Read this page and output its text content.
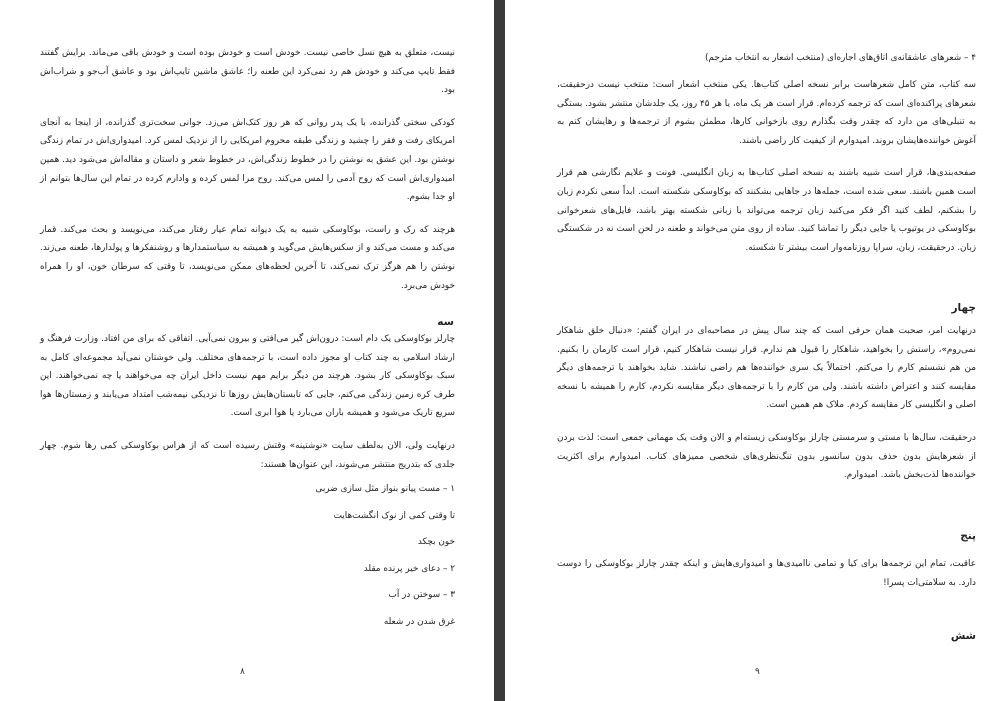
نیست، متعلق به هیچ نسل خاصی نیست. خودش است و خودش بوده است و خودش باقی می‌ماند. برایش گفتند فقط تایپ می‌کند و خودش هم رد نمی‌کرد این طعنه را؛ عاشق ماشین تایپ‌اش بود و عاشق آب‌جو و شراب‌اش بود.

کودکی سختی گذرانده، با یک پدر روانی که هر روز کتک‌اش می‌زد. جوانی سخت‌تری گذرانده، از اینجا به آنجای امریکای رفت و فقر را چشید و زندگی طبقه محروم امریکایی را از نزدیک لمس کرد. امیدواری‌اش در تمام زندگی نوشتن بود. این عشق به نوشتن را در خطوط زندگی‌اش، در خطوط شعر و داستان و مقاله‌اش می‌شود دید. همین امیدواری‌اش است که روح آدمی را لمس می‌کند. روح مرا لمس کرده و وادارم کرده در تمام این سال‌ها بتوانم از او جدا بشوم.

هرچند که رک و راست، بوکاوسکی شبیه به یک دیوانه تمام عیار رفتار می‌کند، می‌نویسد و بحث می‌کند. قمار می‌کند و مست می‌کند و از سکس‌هایش می‌گوید و همیشه به سیاستمدارها و روشنفکرها و پولدارها، طعنه می‌زند. نوشتن را هم هرگز ترک نمی‌کند، تا آخرین لحظه‌های ممکن می‌نویسد، تا وقتی که سرطان خون، او را همراه خودش می‌برد.

سه

چارلز بوکاوسکی یک دام است: درون‌اش گیر می‌افتی و بیرون نمی‌آیی. اتفاقی که برای من افتاد. وزارت فرهنگ و ارشاد اسلامی به چند کتاب او مجوز داده است، با ترجمه‌های مختلف. ولی خوشتان نمی‌آید مجموعه‌ای کامل به سبک بوکاوسکی کار بشود. هرچند من دیگر برایم مهم نیست داخل ایران چه می‌خواهند یا چه نمی‌خواهند. این طرف کره زمین زندگی می‌کنم، جایی که تابستان‌هایش روزها تا نزدیکی نیمه‌شب امتداد می‌یابند و زمستان‌ها هوا سریع تاریک می‌شود و همیشه باران می‌بارد یا هوا ابری است.

درنهایت ولی، الان به‌لطف سایت «نوشتینه» وقتش رسیده است که از هراس بوکاوسکی کمی رها شوم. چهار جلدی که بتدریج منتشر می‌شوند، این عنوان‌ها هستند:

۱ – مست پیانو بنواز مثل سازی ضربی
تا وقتی کمی از نوک انگشت‌هایت
خون بچکد
۲ – دعای خیر پرنده مقلد
۳ – سوختن در آب
غرق شدن در شعله
۸
۴ – شعرهای عاشقانه‌ی اتاق‌های اجاره‌ای (منتخب اشعار به انتخاب مترجم)

سه کتاب، متن کامل شعرهاست برابر نسخه اصلی کتاب‌ها. یکی منتخب اشعار است: منتخب نیست درحقیقت، شعرهای پراکنده‌ای است که ترجمه کرده‌ام. قرار است هر یک ماه، یا هر ۴۵ روز، یک جلدشان منتشر بشود. بستگی به تنبلی‌های من دارد که چقدر وقت بگذارم روی بازخوانی کارها، مطمئن بشوم از ترجمه‌ها و رهایشان کنم به آغوش خواننده‌هایشان بروند. امیدوارم از کیفیت کار راضی باشند.

صفحه‌بندی‌ها، قرار است شبیه باشند به نسخه اصلی کتاب‌ها به زبان انگلیسی. فونت و علایم نگارشی هم قرار است همین باشند. سعی شده است، جمله‌ها در جاهایی بشکنند که بوکاوسکی شکسته است. ابداً سعی نکردم زبان را بشکنم، لطف کنید اگر فکر می‌کنید زبان ترجمه می‌تواند با زبانی شکسته بهتر باشد، فایل‌های شعرخوانی بوکاوسکی در یوتیوب یا جایی دیگر را تماشا کنید. ساده از روی متن می‌خواند و طعنه در لحن است نه در شکستگی زبان. درحقیقت، زبان، سراپا روزنامه‌وار است بیشتر تا شکسته.

چهار

درنهایت امر، صحبت همان حرفی است که چند سال پیش در مصاحبه‌ای در ایران گفتم: «دنبال خلق شاهکار نمی‌روم»، راستش را بخواهید، شاهکار را قبول هم ندارم. قرار نیست شاهکار کنیم، قرار است کارمان را بکنیم. من هم نشستم کارم را می‌کنم. احتمالاً یک سری خواننده‌ها هم راضی نباشند. شاید بخواهند با ترجمه‌های دیگر مقایسه کنند و اعتراض داشته باشند. ولی من کارم را با ترجمه‌های دیگر مقایسه نکردم، کارم را همیشه با نسخه اصلی و انگلیسی کار مقایسه کردم. ملاک هم همین است.

درحقیقت، سال‌ها با مستی و سرمستی چارلز بوکاوسکی زیسته‌ام و الان وقت یک مهمانی جمعی است: لذت بردن از شعرهایش بدون حذف بدون سانسور بدون تنگ‌نظری‌های شخصی ممیزهای کتاب. امیدوارم برای اکثریت خواننده‌ها لذت‌بخش باشد. امیدوارم.

پنج

عاقبت، تمام این ترجمه‌ها برای کیا و تمامی ناامیدی‌ها و امیدواری‌هایش و اینکه چقدر چارلز بوکاوسکی را دوست دارد. به سلامتی‌ات پسرا!

شش
۹
